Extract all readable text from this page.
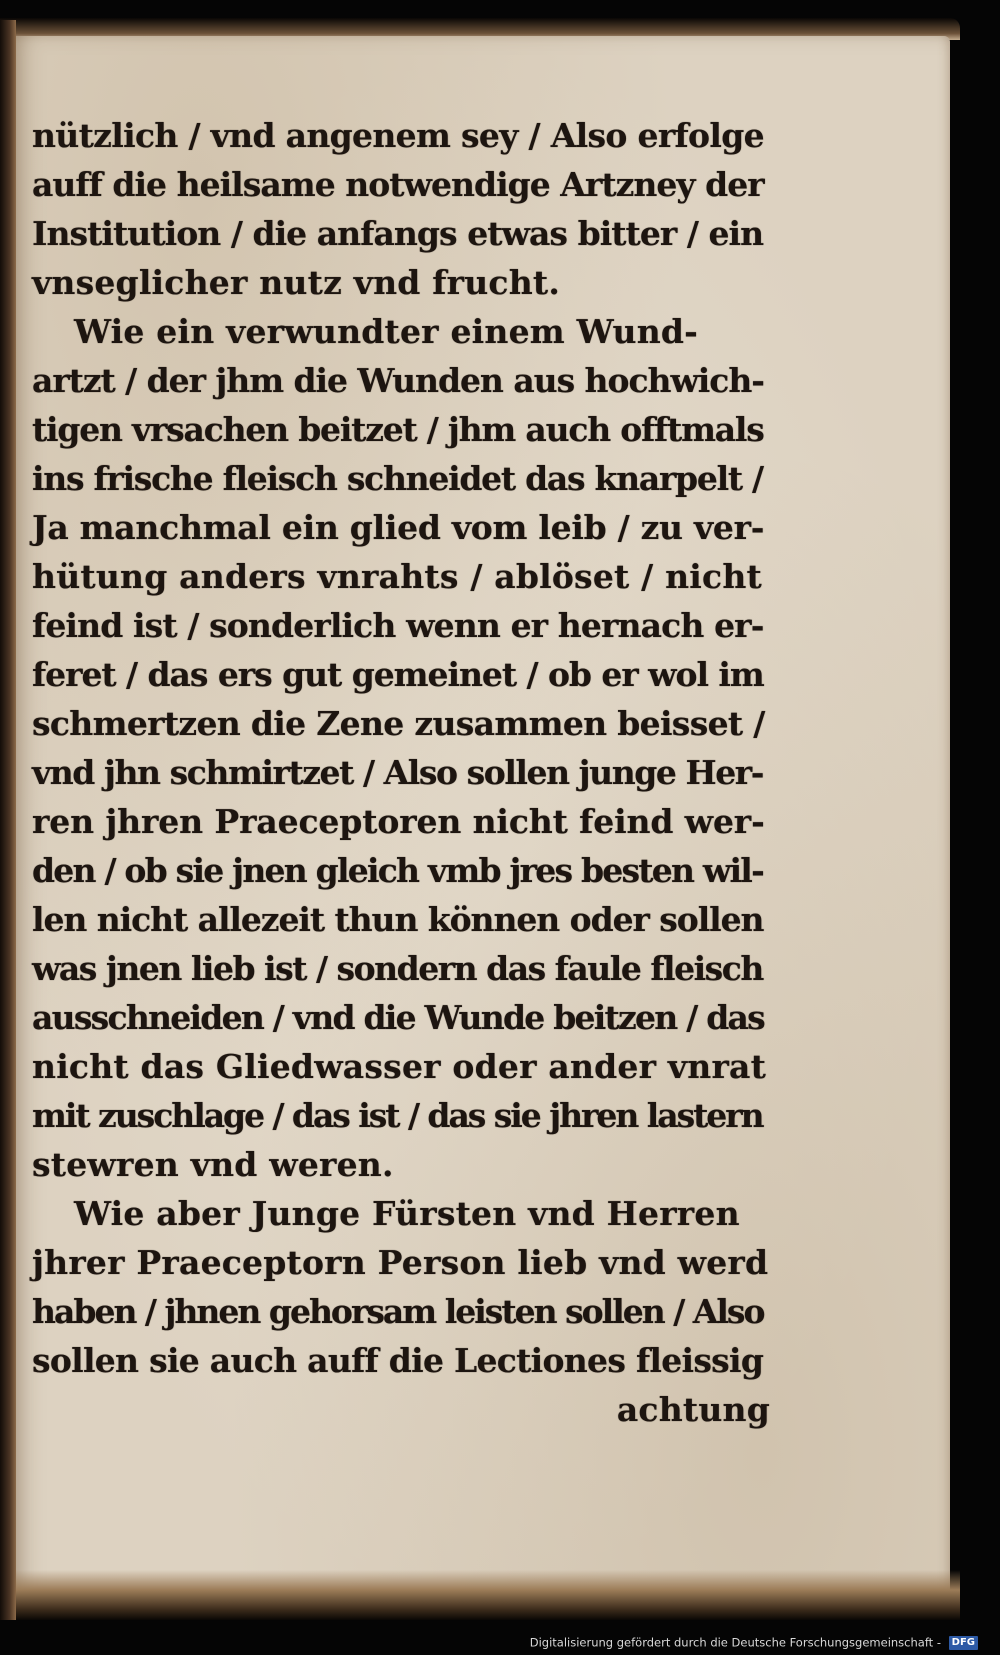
nützlich / vnd angenem sey / Also erfolge
auff die heilsame notwendige Artzney der
Institution / die anfangs etwas bitter / ein
vnseglicher nutz vnd frucht.
Wie ein verwundter einem Wund-
artzt / der jhm die Wunden aus hochwich-
tigen vrsachen beitzet / jhm auch offtmals
ins frische fleisch schneidet das knarpelt /
Ja manchmal ein glied vom leib / zu ver-
hütung anders vnrahts / ablöset / nicht
feind ist / sonderlich wenn er hernach er-
feret / das ers gut gemeinet / ob er wol im
schmertzen die Zene zusammen beisset /
vnd jhn schmirtzet / Also sollen junge Her-
ren jhren Praeceptoren nicht feind wer-
den / ob sie jnen gleich vmb jres besten wil-
len nicht allezeit thun können oder sollen
was jnen lieb ist / sondern das faule fleisch
ausschneiden / vnd die Wunde beitzen / das
nicht das Gliedwasser oder ander vnrat
mit zuschlage / das ist / das sie jhren lastern
stewren vnd weren.
Wie aber Junge Fürsten vnd Herren
jhrer Praeceptorn Person lieb vnd werd
haben / jhnen gehorsam leisten sollen / Also
sollen sie auch auff die Lectiones fleissig
achtung
Digitalisierung gefördert durch die Deutsche Forschungsgemeinschaft - DFG
